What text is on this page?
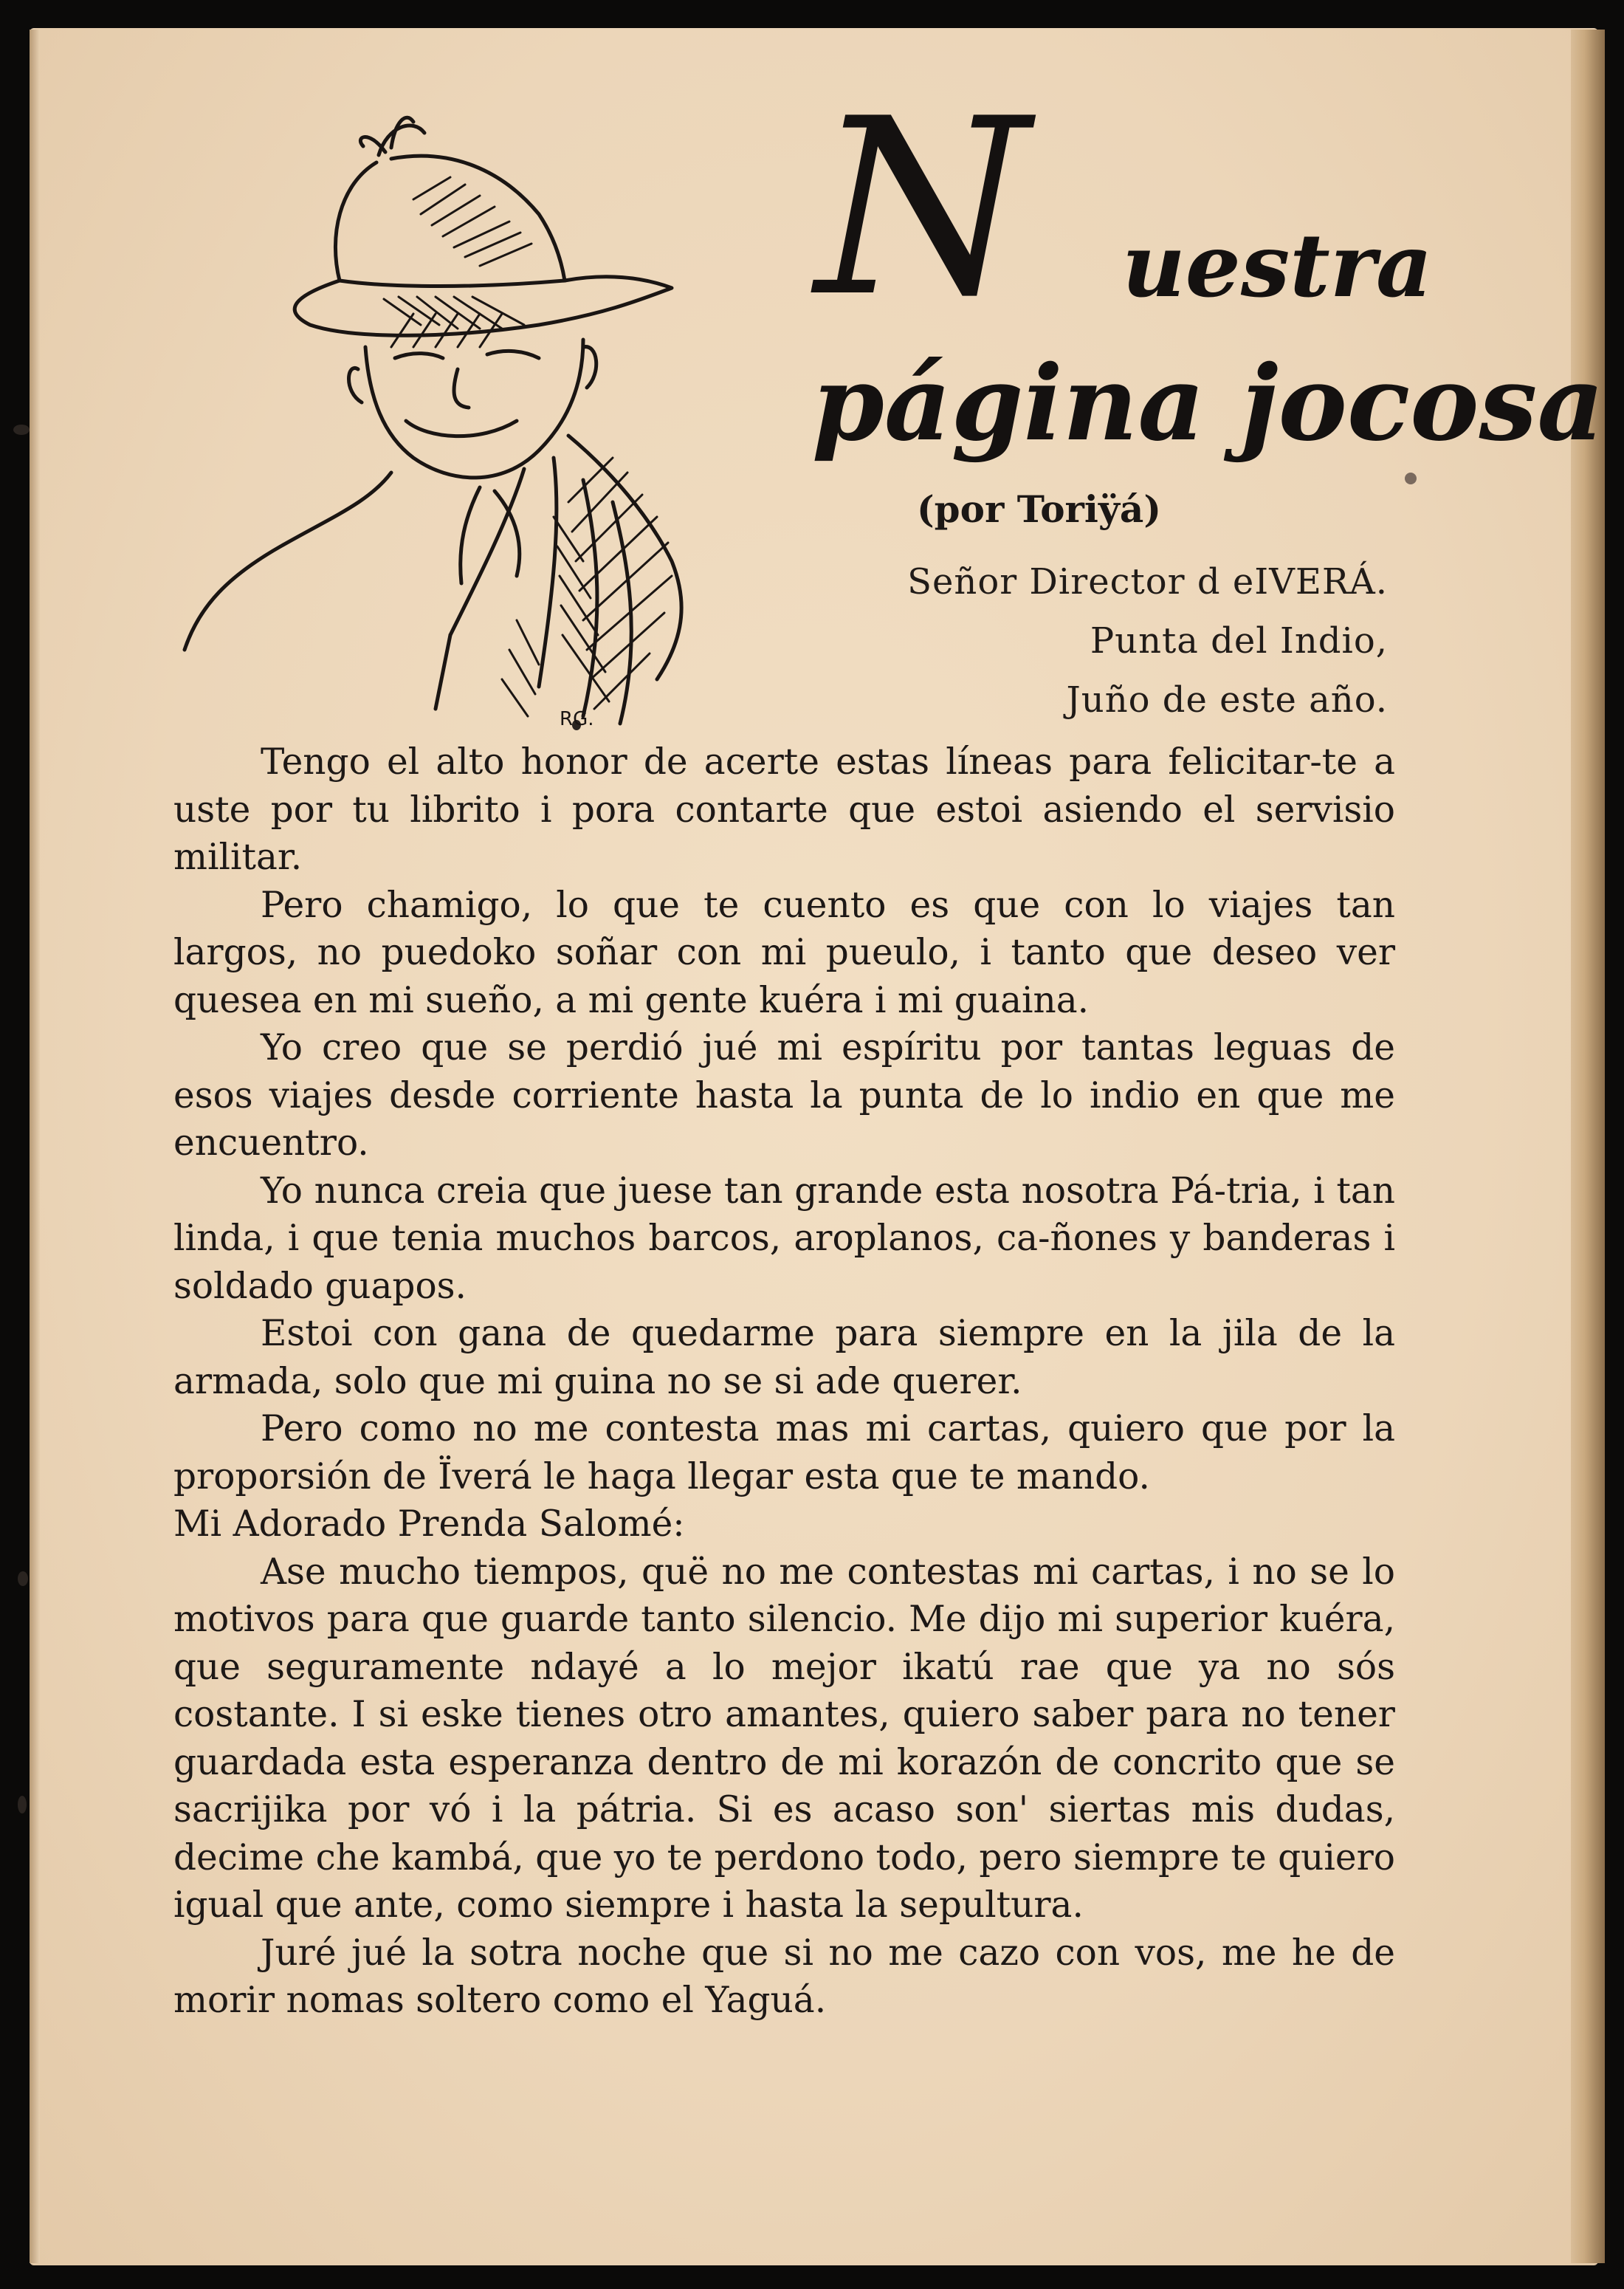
RG.
N uestra
página jocosa
(por Toriÿá)
Señor Director d eIVERÁ.
Punta del Indio,
Juño de este año.

Tengo el alto honor de acerte estas líneas para felicitar-te a uste por tu librito i pora contarte que estoi asiendo el servisio militar.

Pero chamigo, lo que te cuento es que con lo viajes tan largos, no puedoko soñar con mi pueulo, i tanto que deseo ver quesea en mi sueño, a mi gente kuéra i mi guaina.

Yo creo que se perdió jué mi espíritu por tantas leguas de esos viajes desde corriente hasta la punta de lo indio en que me encuentro.

Yo nunca creia que juese tan grande esta nosotra Pá-tria, i tan linda, i que tenia muchos barcos, aroplanos, ca-ñones y banderas i soldado guapos.

Estoi con gana de quedarme para siempre en la jila de la armada, solo que mi guina no se si ade querer.

Pero como no me contesta mas mi cartas, quiero que por la proporsión de Ïverá le haga llegar esta que te mando.

Mi Adorado Prenda Salomé:

Ase mucho tiempos, quë no me contestas mi cartas, i no se lo motivos para que guarde tanto silencio. Me dijo mi superior kuéra, que seguramente ndayé a lo mejor ikatú rae que ya no sós costante. I si eske tienes otro amantes, quiero saber para no tener guardada esta esperanza dentro de mi korazón de concrito que se sacrijika por vó i la pátria. Si es acaso son' siertas mis dudas, decime che kambá, que yo te perdono todo, pero siempre te quiero igual que ante, como siempre i hasta la sepultura.

Juré jué la sotra noche que si no me cazo con vos, me he de morir nomas soltero como el Yaguá.
